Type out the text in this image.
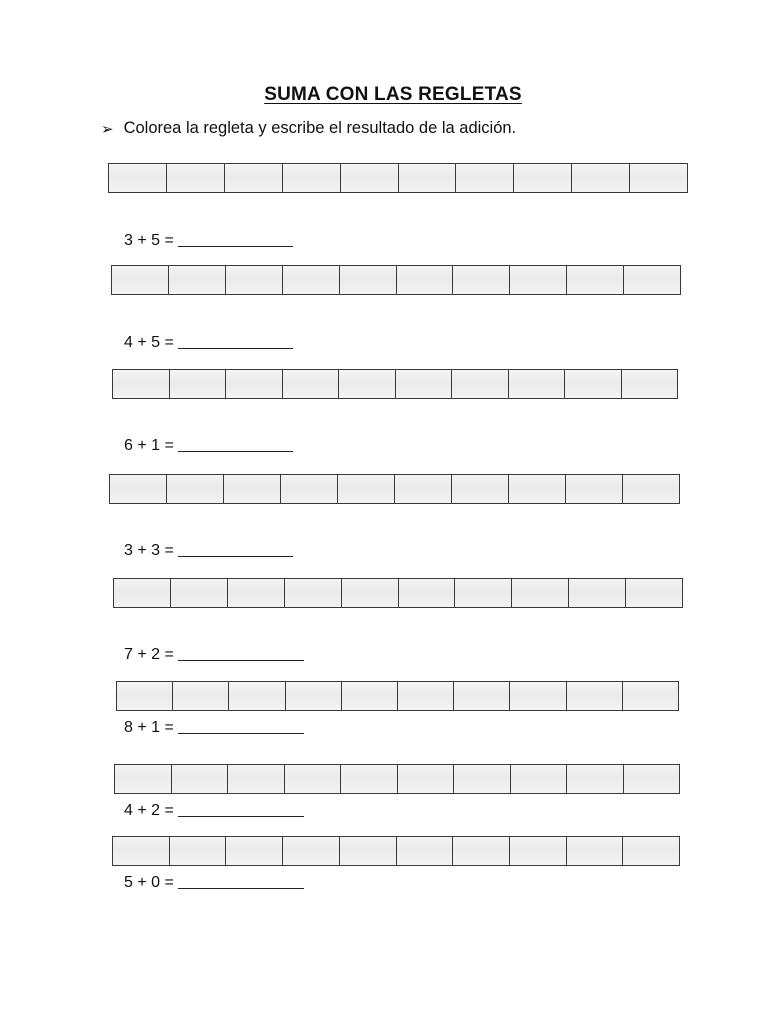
SUMA CON LAS REGLETAS
➢ Colorea la regleta y escribe el resultado de la adición.
3 + 5 =
4 + 5 =
6 + 1 =
3 + 3 =
7 + 2 =
8 + 1 =
4 + 2 =
5 + 0 =
